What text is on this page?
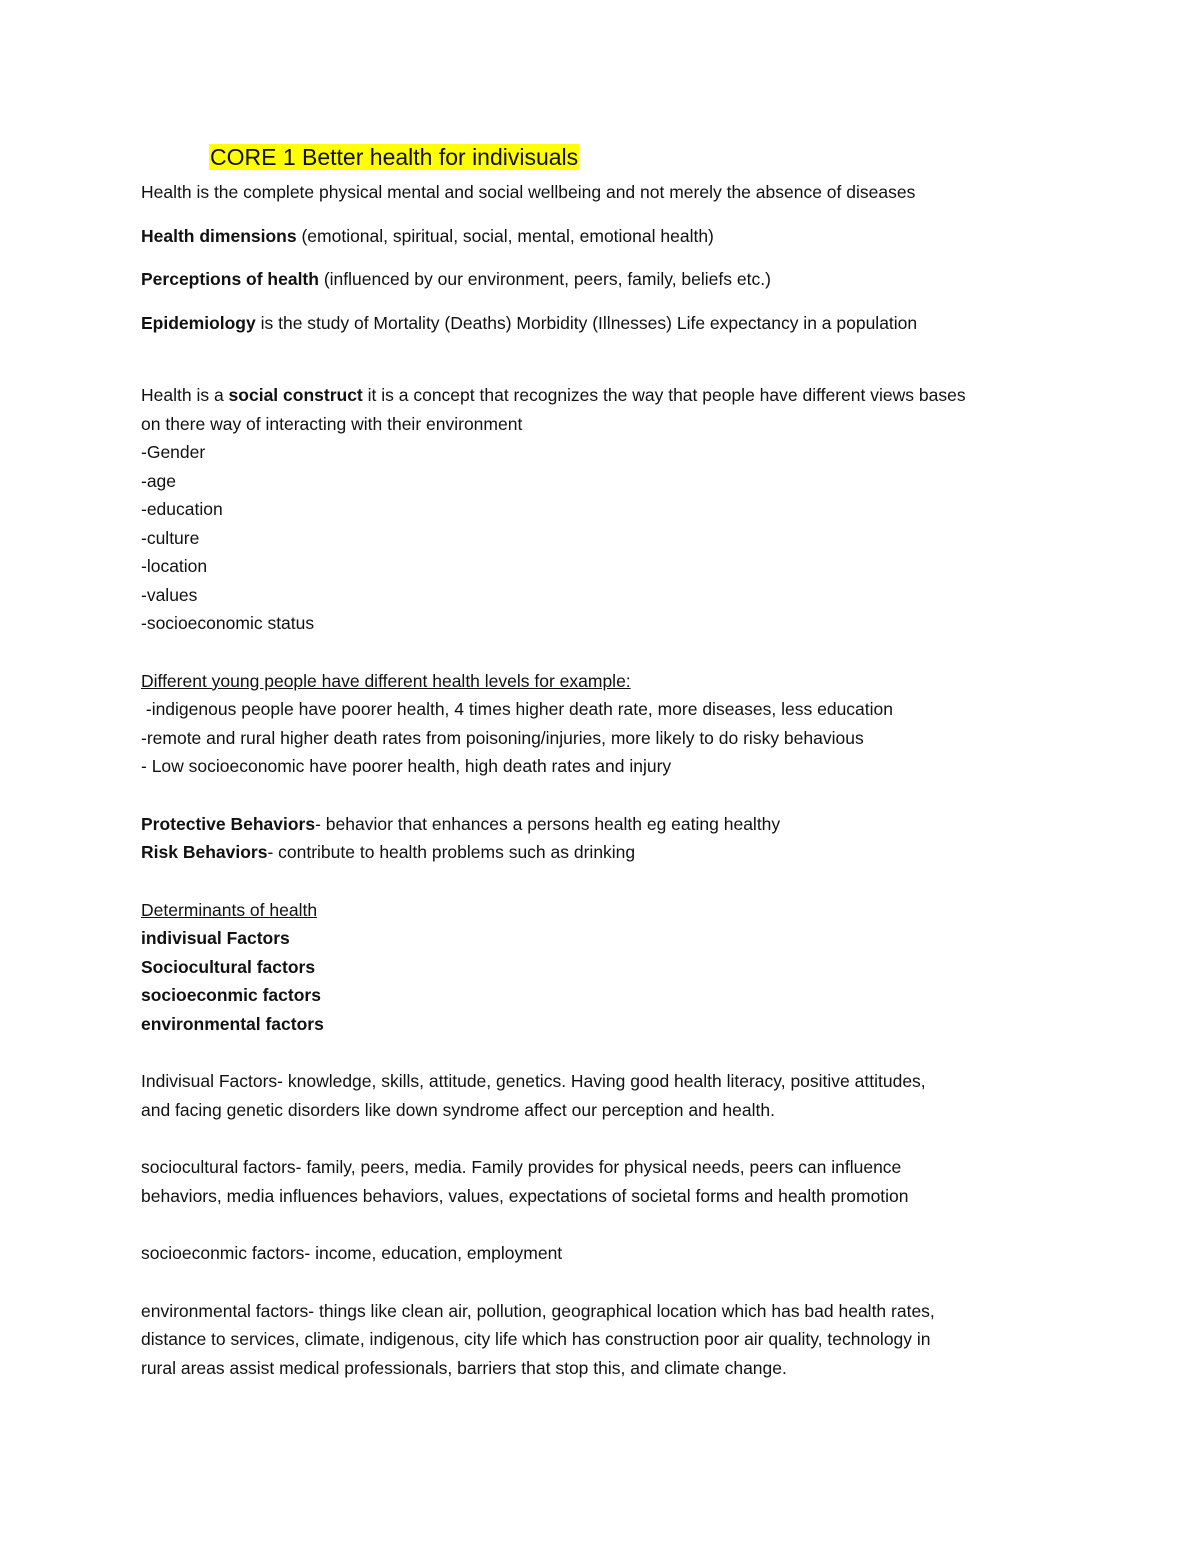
CORE 1 Better health for indivisuals

Health is the complete physical mental and social wellbeing and not merely the absence of diseases

Health dimensions (emotional, spiritual, social, mental, emotional health)

Perceptions of health (influenced by our environment, peers, family, beliefs etc.)

Epidemiology is the study of Mortality (Deaths) Morbidity (Illnesses) Life expectancy in a population

Health is a social construct it is a concept that recognizes the way that people have different views bases

on there way of interacting with their environment

-Gender

-age

-education

-culture

-location

-values

-socioeconomic status

Different young people have different health levels for example:

-indigenous people have poorer health, 4 times higher death rate, more diseases, less education

-remote and rural higher death rates from poisoning/injuries, more likely to do risky behavious

- Low socioeconomic have poorer health, high death rates and injury

Protective Behaviors- behavior that enhances a persons health eg eating healthy

Risk Behaviors- contribute to health problems such as drinking

Determinants of health

indivisual Factors

Sociocultural factors

socioeconmic factors

environmental factors

Indivisual Factors- knowledge, skills, attitude, genetics. Having good health literacy, positive attitudes,

and facing genetic disorders like down syndrome affect our perception and health.

sociocultural factors- family, peers, media. Family provides for physical needs, peers can influence

behaviors, media influences behaviors, values, expectations of societal forms and health promotion

socioeconmic factors- income, education, employment

environmental factors- things like clean air, pollution, geographical location which has bad health rates,

distance to services, climate, indigenous, city life which has construction poor air quality, technology in

rural areas assist medical professionals, barriers that stop this, and climate change.
